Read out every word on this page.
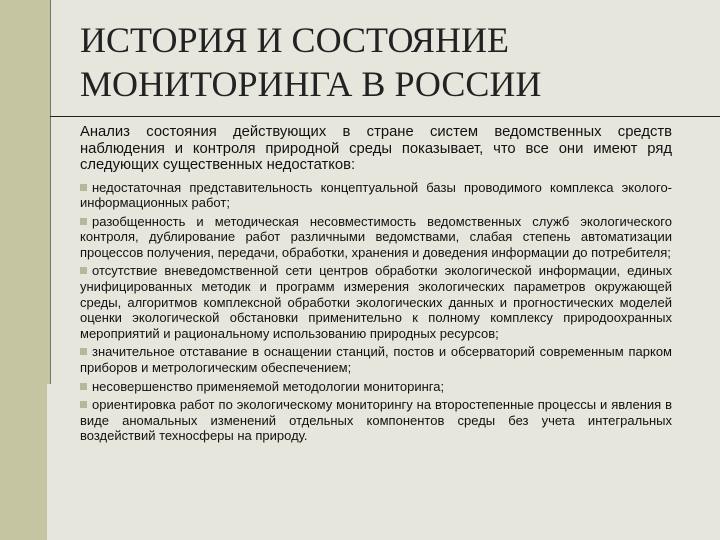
ИСТОРИЯ И СОСТОЯНИЕ
МОНИТОРИНГА В РОССИИ

Анализ состояния действующих в стране систем ведомственных средств наблюдения и контроля природной среды показывает, что все они имеют ряд следующих существенных недостатков:

недостаточная представительность концептуальной базы проводимого комплекса эколого-информационных работ;
разобщенность и методическая несовместимость ведомственных служб экологического контроля, дублирование работ различными ведомствами, слабая степень автоматизации процессов получения, передачи, обработки, хранения и доведения информации до потребителя;
отсутствие вневедомственной сети центров обработки экологической информации, единых унифицированных методик и программ измерения экологических параметров окружающей среды, алгоритмов комплексной обработки экологических данных и прогностических моделей оценки экологической обстановки применительно к полному комплексу природоохранных мероприятий и рациональному использованию природных ресурсов;
значительное отставание в оснащении станций, постов и обсерваторий современным парком приборов и метрологическим обеспечением;
несовершенство применяемой методологии мониторинга;
ориентировка работ по экологическому мониторингу на второстепенные процессы и явления в виде аномальных изменений отдельных компонентов среды без учета интегральных воздействий техносферы на природу.
